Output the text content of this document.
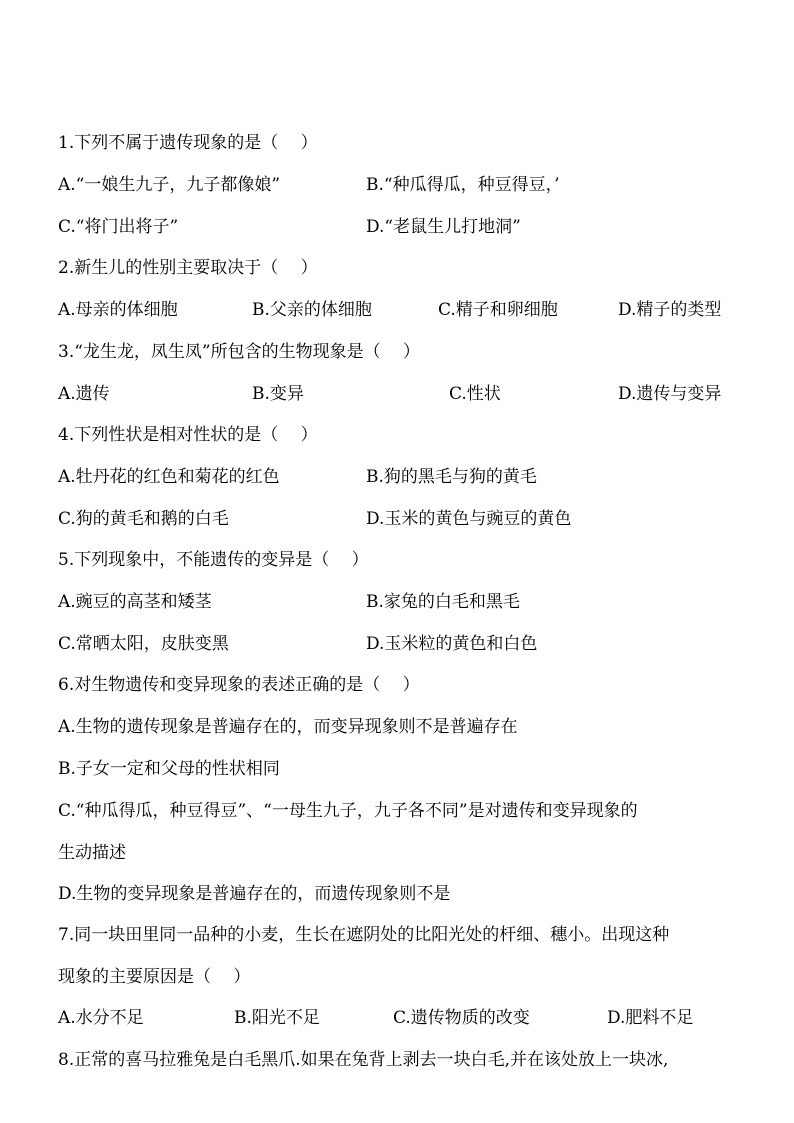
1.下列不属于遗传现象的是（　 ）
A.“一娘生九子，九子都像娘”	B.“种瓜得瓜，种豆得豆，’
C.“将门出将子”	D.“老鼠生儿打地洞”
2.新生儿的性别主要取决于（　 ）
A.母亲的体细胞	B.父亲的体细胞	C.精子和卵细胞	D.精子的类型
3.“龙生龙，凤生凤”所包含的生物现象是（　 ）
A.遗传	B.变异	C.性状	D.遗传与变异
4.下列性状是相对性状的是（　 ）
A.牡丹花的红色和菊花的红色	B.狗的黑毛与狗的黄毛
C.狗的黄毛和鹅的白毛	D.玉米的黄色与豌豆的黄色
5.下列现象中，不能遗传的变异是（　 ）
A.豌豆的高茎和矮茎	B.家兔的白毛和黑毛
C.常晒太阳，皮肤变黑	D.玉米粒的黄色和白色
6.对生物遗传和变异现象的表述正确的是（　 ）
A.生物的遗传现象是普遍存在的，而变异现象则不是普遍存在
B.子女一定和父母的性状相同
C.“种瓜得瓜，种豆得豆”、“一母生九子，九子各不同”是对遗传和变异现象的
生动描述
D.生物的变异现象是普遍存在的，而遗传现象则不是
7.同一块田里同一品种的小麦，生长在遮阴处的比阳光处的杆细、穗小。出现这种
现象的主要原因是（　 ）
A.水分不足	B.阳光不足	C.遗传物质的改变	D.肥料不足
8.正常的喜马拉雅兔是白毛黑爪.如果在兔背上剥去一块白毛,并在该处放上一块冰,
